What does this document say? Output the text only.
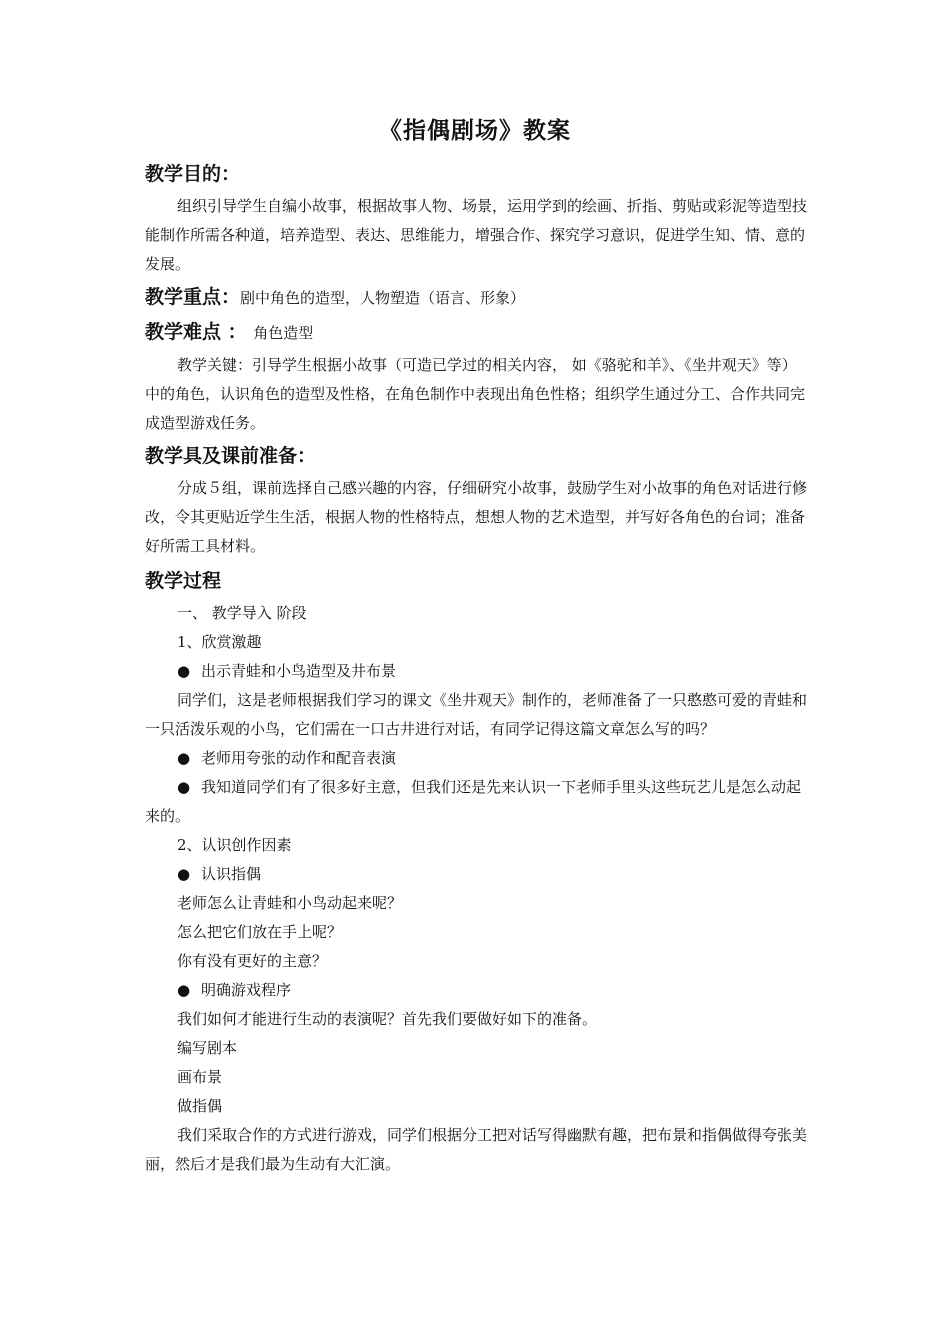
《指偶剧场》教案
教学目的：

组织引导学生自编小故事，根据故事人物、场景，运用学到的绘画、折指、剪贴或彩泥等造型技能制作所需各种道，培养造型、表达、思维能力，增强合作、探究学习意识，促进学生知、情、意的发展。

教学重点：剧中角色的造型，人物塑造（语言、形象）
教学难点 ： 角色造型

教学关键：引导学生根据小故事（可造已学过的相关内容， 如《骆驼和羊》、《坐井观天》等）中的角色，认识角色的造型及性格，在角色制作中表现出角色性格；组织学生通过分工、合作共同完成造型游戏任务。

教学具及课前准备：

分成５组，课前选择自己感兴趣的内容，仔细研究小故事，鼓励学生对小故事的角色对话进行修改，令其更贴近学生生活，根据人物的性格特点，想想人物的艺术造型，并写好各角色的台词；准备好所需工具材料。

教学过程

一、 教学导入 阶段

1、欣赏激趣

● 出示青蛙和小鸟造型及井布景

同学们，这是老师根据我们学习的课文《坐井观天》制作的，老师准备了一只憨憨可爱的青蛙和一只活泼乐观的小鸟，它们需在一口古井进行对话，有同学记得这篇文章怎么写的吗？

● 老师用夸张的动作和配音表演

● 我知道同学们有了很多好主意，但我们还是先来认识一下老师手里头这些玩艺儿是怎么动起来的。

2、认识创作因素

● 认识指偶

老师怎么让青蛙和小鸟动起来呢？

怎么把它们放在手上呢？

你有没有更好的主意？

● 明确游戏程序

我们如何才能进行生动的表演呢？首先我们要做好如下的准备。

编写剧本

画布景

做指偶

我们采取合作的方式进行游戏，同学们根据分工把对话写得幽默有趣，把布景和指偶做得夸张美丽，然后才是我们最为生动有大汇演。
